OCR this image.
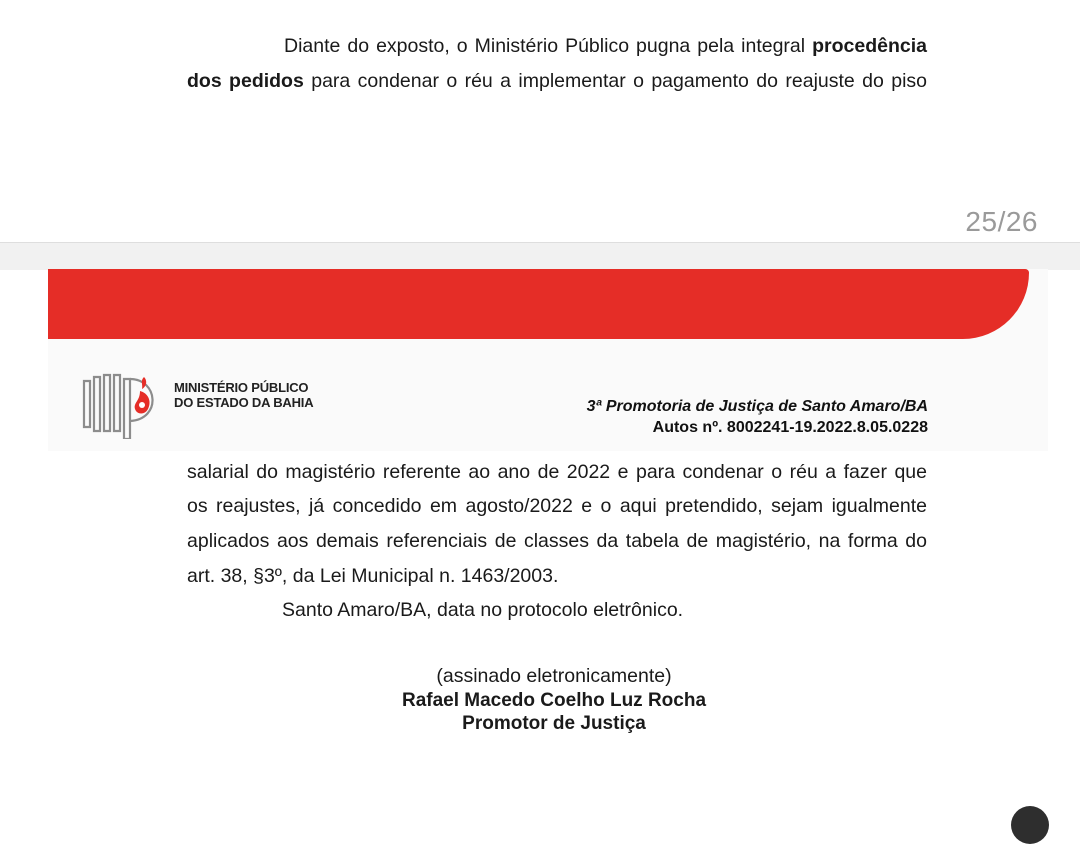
Diante do exposto, o Ministério Público pugna pela integral procedência
dos pedidos para condenar o réu a implementar o pagamento do reajuste do piso
25/26
MINISTÉRIO PÚBLICO
DO ESTADO DA BAHIA	3ª Promotoria de Justiça de Santo Amaro/BA
Autos nº. 8002241-19.2022.8.05.0228
salarial do magistério referente ao ano de 2022 e para condenar o réu a fazer que
os reajustes, já concedido em agosto/2022 e o aqui pretendido, sejam igualmente
aplicados aos demais referenciais de classes da tabela de magistério, na forma do
art. 38, §3º, da Lei Municipal n. 1463/2003.
Santo Amaro/BA, data no protocolo eletrônico.
(assinado eletronicamente)
Rafael Macedo Coelho Luz Rocha
Promotor de Justiça
